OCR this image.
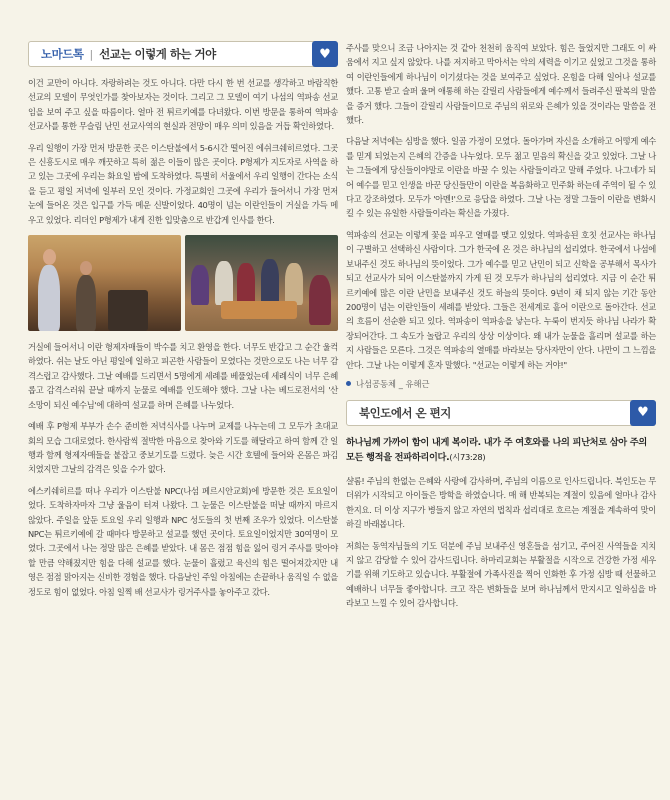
노마드톡 | 선교는 이렇게 하는 거야	♥

이건 교만이 아니다. 자랑하려는 것도 아니다. 다만 다시 한 번 선교를 생각하고 바람직한 선교의 모델이 무엇인가를 찾아보자는 것이다. 그리고 그 모델이 여기 나섬의 역파송 선교임을 보여 주고 싶을 따름이다. 얼마 전 튀르키예를 다녀왔다. 이번 방문을 통하여 역파송 선교사를 통한 무슬림 난민 선교사역의 현실과 전망이 매우 의미 있음을 거듭 확인하였다.

우리 일행이 가장 먼저 방문한 곳은 이스탄불에서 5-6시간 떨어진 에쉬크쉐히르였다. 그곳은 신흥도시로 매우 깨끗하고 특히 젊은 이들이 많은 곳이다. P형제가 지도자로 사역을 하고 있는 그곳에 우리는 화요일 밤에 도착하였다. 특별히 서울에서 우리 일행이 간다는 소식을 듣고 평일 저녁에 일부러 모인 것이다. 가정교회인 그곳에 우리가 들어서니 가장 먼저 눈에 들어온 것은 입구를 가득 메운 신발이었다. 40명이 넘는 이란인들이 거실을 가득 메우고 있었다. 리더인 P형제가 내게 진한 입맞춤으로 반갑게 인사를 한다.

거실에 들어서니 이란 형제자매들이 박수를 치고 환영을 한다. 너무도 반갑고 그 순간 울컥하였다. 쉬는 날도 아닌 평일에 일하고 피곤한 사람들이 모였다는 것만으로도 나는 너무 감격스럽고 감사했다. 그날 예배를 드리면서 5명에게 세례를 베풀었는데 세례식이 너무 은혜롭고 감격스러워 끝날 때까지 눈물로 예배를 인도해야 했다. 그날 나는 베드로전서의 '산 소망이 되신 예수님'에 대하여 설교를 하며 은혜를 나누었다.

예배 후 P형제 부부가 손수 준비한 저녁식사를 나누며 교제를 나누는데 그 모두가 초대교회의 모습 그대로였다. 한사람씩 절박한 마음으로 찾아와 기도를 해달라고 하여 함께 간 일행과 함께 형제자매들을 붙잡고 중보기도를 드렸다. 늦은 시간 호텔에 들어와 온몸은 파김치였지만 그날의 감격은 잊을 수가 없다.

에스키쉐히르를 떠나 우리가 이스탄불 NPC(나섬 페르시안교회)에 방문한 것은 토요일이었다. 도착하자마자 그냥 울음이 터져 나왔다. 그 눈물은 이스탄불을 떠날 때까지 마르지 않았다. 주일을 앞둔 토요일 우리 일행과 NPC 성도들의 첫 번째 조우가 있었다. 이스탄불 NPC는 튀르키예에 갈 때마다 방문하고 설교를 했던 곳이다. 토요일이었지만 30여명이 모였다. 그곳에서 나는 정말 많은 은혜를 받았다. 내 몸은 점점 힘을 잃어 링거 주사를 맞아야 할 만큼 약해졌지만 힘을 다해 설교를 했다. 눈물이 흘렀고 육신의 힘은 떨어져갔지만 내 영은 점점 맑아지는 신비한 경험을 했다. 다음날인 주일 아침에는 손끝하나 움직일 수 없을 정도로 힘이 없었다. 아침 일찍 배 선교사가 링거주사를 놓아주고 갔다.

주사를 맞으니 조금 나아지는 것 같아 천천히 움직여 보았다. 힘은 들었지만 그래도 이 싸움에서 지고 싶지 않았다. 나를 저지하고 막아서는 악의 세력을 이기고 싶었고 그것을 통하여 이란인들에게 하나님이 이기셨다는 것을 보여주고 싶었다. 온힘을 다해 일어나 설교를 했다. 고통 받고 슬퍼 울며 애통해 하는 갈릴리 사람들에게 예수께서 들려주신 팔복의 말씀을 증거 했다. 그들이 갈릴리 사람들이므로 주님의 위로와 은혜가 있을 것이라는 말씀을 전했다.

다음날 저녁에는 심방을 했다. 일곱 가정이 모였다. 돌아가며 자신을 소개하고 어떻게 예수를 믿게 되었는지 은혜의 간증을 나누었다. 모두 젊고 믿음의 확신을 갖고 있었다. 그날 나는 그들에게 당신들이야말로 이란을 바꿀 수 있는 사람들이라고 말해 주었다. 나그네가 되어 예수를 믿고 인생을 바꾼 당신들만이 이란을 복음화하고 민주화 하는데 주역이 될 수 있다고 강조하였다. 모두가 '아멘!'으로 응답을 하였다. 그날 나는 정말 그들이 이란을 변화시킬 수 있는 유일한 사람들이라는 확신을 가졌다.

역파송의 선교는 이렇게 꽃을 피우고 열매를 맺고 있었다. 역파송된 호칫 선교사는 하나님이 구별하고 선택하신 사람이다. 그가 한국에 온 것은 하나님의 섭리였다. 한국에서 나섬에 보내주신 것도 하나님의 뜻이었다. 그가 예수를 믿고 난민이 되고 신학을 공부해서 목사가 되고 선교사가 되어 이스탄불까지 가게 된 것 모두가 하나님의 섭리였다. 지금 이 순간 튀르키예에 많은 이란 난민을 보내주신 것도 하늘의 뜻이다. 9년이 채 되지 않는 기간 동안 200명이 넘는 이란인들이 세례를 받았다. 그들은 전세계로 흩어 이란으로 돌아간다. 선교의 흐름이 선순환 되고 있다. 역파송이 역파송을 낳는다. 누룩이 번지듯 하나님 나라가 확장되어간다. 그 속도가 놀랍고 우리의 상상 이상이다. 왜 내가 눈물을 흘리며 설교를 하는지 사람들은 모른다. 그것은 역파송의 열매를 바라보는 당사자만이 안다. 나만이 그 느낌을 안다. 그날 나는 이렇게 혼자 말했다. "선교는 이렇게 하는 거야!"

나섬공동체 _ 유해근
북인도에서 온 편지	♥
하나님께 가까이 함이 내게 복이라. 내가 주 여호와를 나의 피난처로 삼아 주의 모든 행적을 전파하리이다.(시73:28)

샬롬! 주님의 한없는 은혜와 사랑에 감사하며, 주님의 이름으로 인사드립니다. 북인도는 무더위가 시작되고 아이들은 방학을 하였습니다. 매 해 반복되는 계절이 있음에 얼마나 감사한지요. 더 이상 지구가 병들지 않고 자연의 법칙과 섭리대로 흐르는 계절을 계속하여 맞이하길 바래봅니다.

저희는 동역자님들의 기도 덕분에 주님 보내주신 영혼들을 섬기고, 주어진 사역들을 지치지 않고 감당할 수 있어 감사드립니다. 하마리교회는 부활절을 시작으로 건강한 가정 세우기를 위해 기도하고 있습니다. 부활절에 가족사진을 찍어 인화한 후 가정 심방 때 선물하고 예배하니 너무들 좋아합니다. 크고 작은 변화들을 보며 하나님께서 만지시고 일하심을 바라보고 느낄 수 있어 감사합니다.
